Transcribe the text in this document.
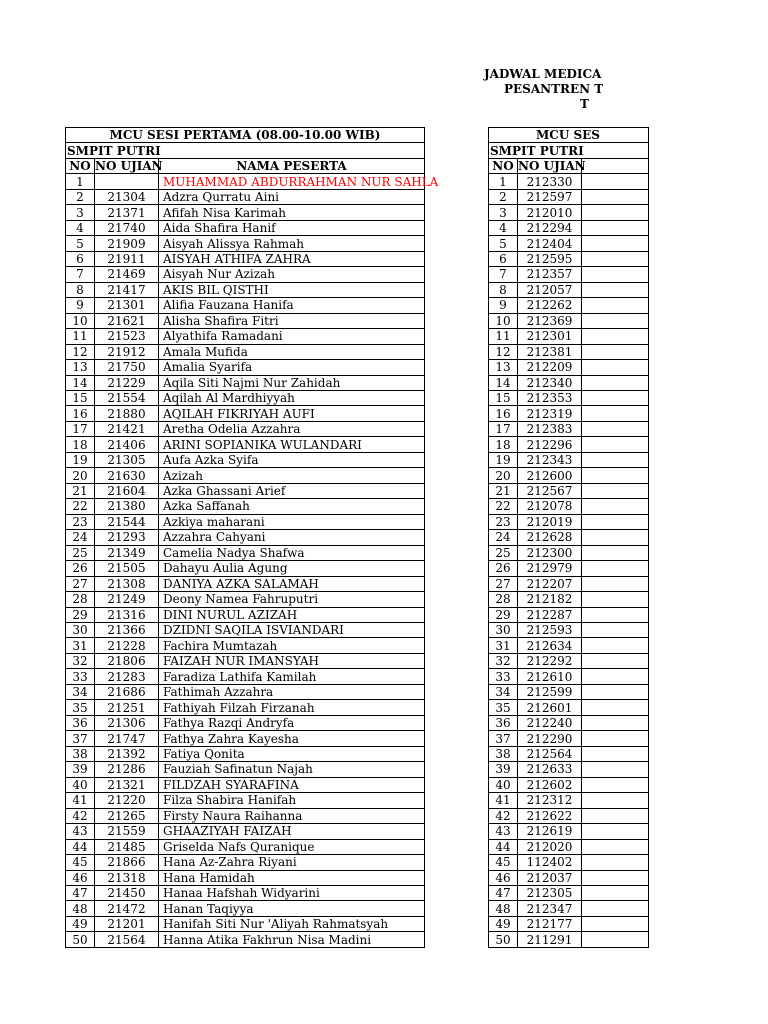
JADWAL MEDICA
PESANTREN T
T
MCU SESI PERTAMA (08.00-10.00 WIB)		
SMPIT PUTRI		
NO	NO UJIAN	NAMA PESERTA
1		MUHAMMAD ABDURRAHMAN NUR SAHLA
2	21304	Adzra Qurratu Aini
3	21371	Afifah Nisa Karimah
4	21740	Aida Shafira Hanif
5	21909	Aisyah Alissya Rahmah
6	21911	AISYAH ATHIFA ZAHRA
7	21469	Aisyah Nur Azizah
8	21417	AKIS BIL QISTHI
9	21301	Alifia Fauzana Hanifa
10	21621	Alisha Shafira Fitri
11	21523	Alyathifa Ramadani
12	21912	Amala Mufida
13	21750	Amalia Syarifa
14	21229	Aqila Siti Najmi Nur Zahidah
15	21554	Aqilah Al Mardhiyyah
16	21880	AQILAH FIKRIYAH AUFI
17	21421	Aretha Odelia Azzahra
18	21406	ARINI SOPIANIKA WULANDARI
19	21305	Aufa Azka Syifa
20	21630	Azizah
21	21604	Azka Ghassani Arief
22	21380	Azka Saffanah
23	21544	Azkiya maharani
24	21293	Azzahra Cahyani
25	21349	Camelia Nadya Shafwa
26	21505	Dahayu Aulia Agung
27	21308	DANIYA AZKA SALAMAH
28	21249	Deony Namea Fahruputri
29	21316	DINI NURUL AZIZAH
30	21366	DZIDNI SAQILA ISVIANDARI
31	21228	Fachira Mumtazah
32	21806	FAIZAH NUR IMANSYAH
33	21283	Faradiza Lathifa Kamilah
34	21686	Fathimah Azzahra
35	21251	Fathiyah Filzah Firzanah
36	21306	Fathya Razqi Andryfa
37	21747	Fathya Zahra Kayesha
38	21392	Fatiya Qonita
39	21286	Fauziah Safinatun Najah
40	21321	FILDZAH SYARAFINA
41	21220	Filza Shabira Hanifah
42	21265	Firsty Naura Raihanna
43	21559	GHAAZIYAH FAIZAH
44	21485	Griselda Nafs Quranique
45	21866	Hana Az-Zahra Riyani
46	21318	Hana Hamidah
47	21450	Hanaa Hafshah Widyarini
48	21472	Hanan Taqiyya
49	21201	Hanifah Siti Nur 'Aliyah Rahmatsyah
50	21564	Hanna Atika Fakhrun Nisa Madini
MCU SES		
SMPIT PUTRI		
NO	NO UJIAN	
1	212330	
2	212597	
3	212010	
4	212294	
5	212404	
6	212595	
7	212357	
8	212057	
9	212262	
10	212369	
11	212301	
12	212381	
13	212209	
14	212340	
15	212353	
16	212319	
17	212383	
18	212296	
19	212343	
20	212600	
21	212567	
22	212078	
23	212019	
24	212628	
25	212300	
26	212979	
27	212207	
28	212182	
29	212287	
30	212593	
31	212634	
32	212292	
33	212610	
34	212599	
35	212601	
36	212240	
37	212290	
38	212564	
39	212633	
40	212602	
41	212312	
42	212622	
43	212619	
44	212020	
45	112402	
46	212037	
47	212305	
48	212347	
49	212177	
50	211291	
